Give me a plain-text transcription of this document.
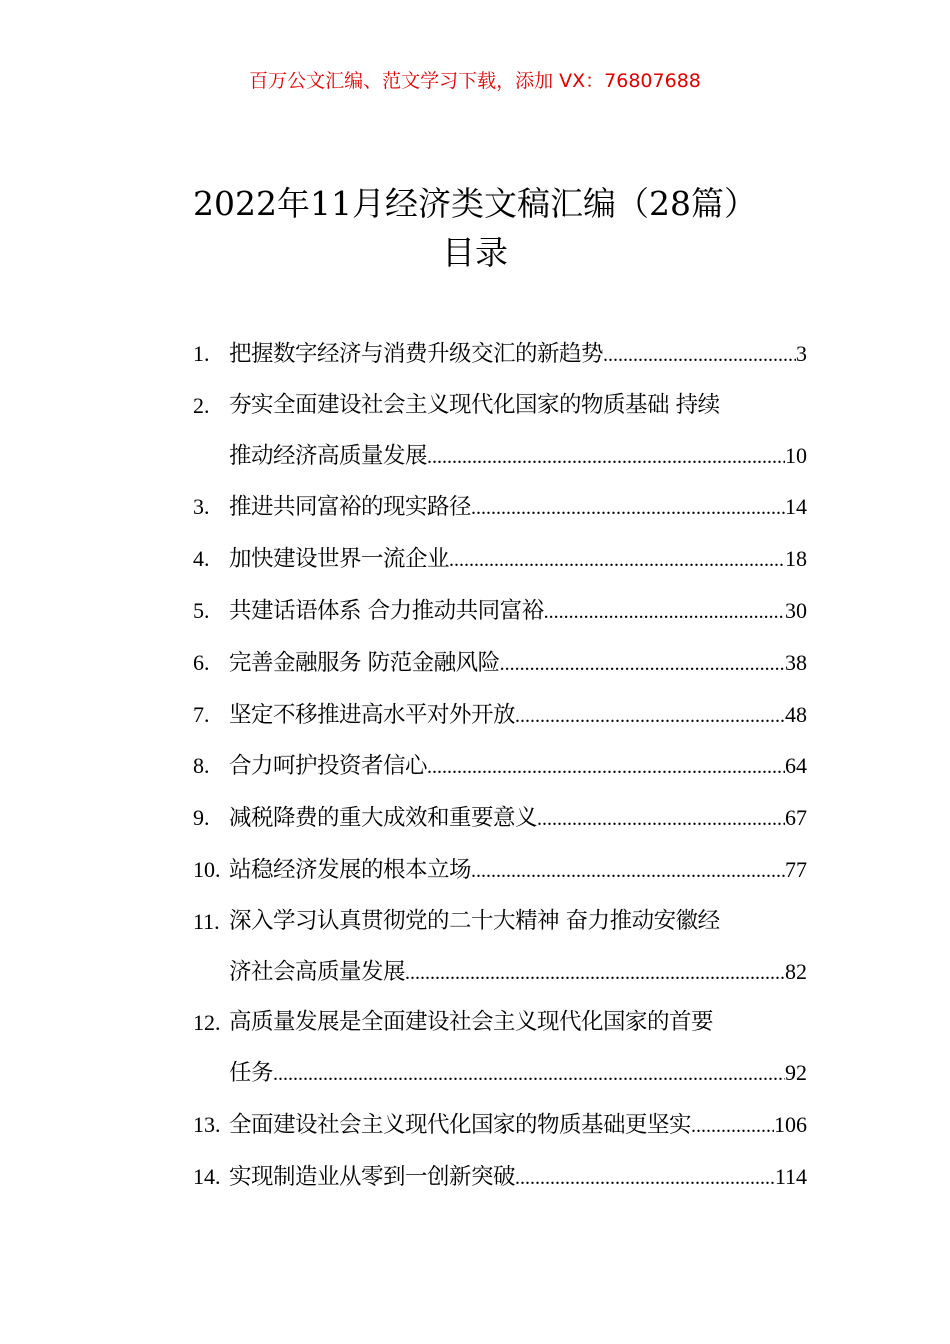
百万公文汇编、范文学习下载，添加 VX：76807688
2022年11月经济类文稿汇编（28篇）
目录
1. 把握数字经济与消费升级交汇的新趋势 .....	3
2. 夯实全面建设社会主义现代化国家的物质基础 持续
推动经济高质量发展 .....	10
3. 推进共同富裕的现实路径 .....	14
4. 加快建设世界一流企业 .....	18
5. 共建话语体系 合力推动共同富裕 .....	30
6. 完善金融服务 防范金融风险 .....	38
7. 坚定不移推进高水平对外开放 .....	48
8. 合力呵护投资者信心 .....	64
9. 减税降费的重大成效和重要意义 .....	67
10. 站稳经济发展的根本立场 .....	77
11. 深入学习认真贯彻党的二十大精神 奋力推动安徽经
济社会高质量发展 .....	82
12. 高质量发展是全面建设社会主义现代化国家的首要
任务 .....	92
13. 全面建设社会主义现代化国家的物质基础更坚实 .....	106
14. 实现制造业从零到一创新突破 .....	114
